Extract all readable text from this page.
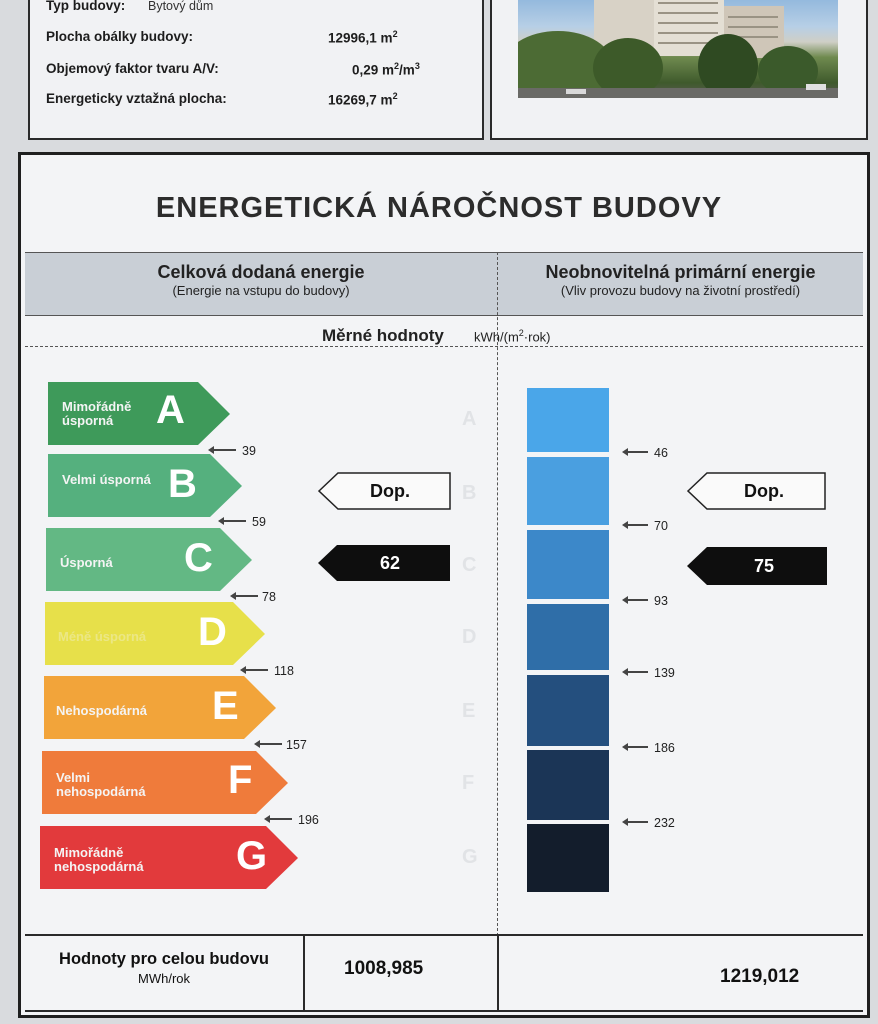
Typ budovy: Bytový dům
Plocha obálky budovy:	12996,1 $m^2$
Objemový faktor tvaru A/V:	0,29 $m^2/m^3$
Energeticky vztažná plocha:	16269,7 $m^2$
ENERGETICKÁ NÁROČNOST BUDOVY
Celková dodaná energie
(Energie na vstupu do budovy)
Neobnovitelná primární energie
(Vliv provozu budovy na životní prostředí)
Měrné hodnoty kWh/$(m^2\cdot rok)$
Mimořádně úsporná	A
Velmi úsporná B
Úsporná	C
Méně úsporná	D
Nehospodárná	E
Velmi nehospodárná	F
Mimořádně nehospodárná	G
39
59
78
118
157
196
A
B
C
D
E
F
G
Dop.
62
46
70
93
139
186
232
Dop.
75
Hodnoty pro celou budovu
MWh/rok	1008,985	1219,012
